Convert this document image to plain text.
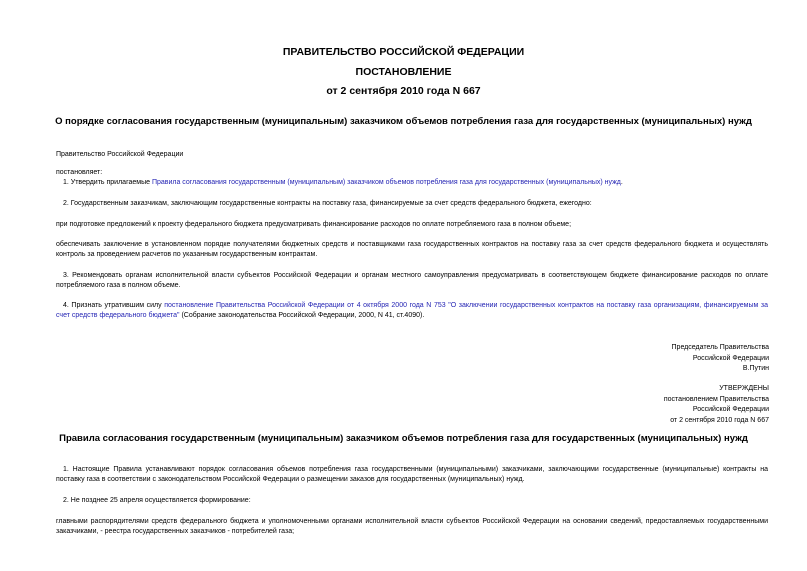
ПРАВИТЕЛЬСТВО РОССИЙСКОЙ ФЕДЕРАЦИИ
ПОСТАНОВЛЕНИЕ
от 2 сентября 2010 года N 667
О порядке согласования государственным (муниципальным) заказчиком объемов потребления газа для государственных (муниципальных) нужд
Правительство Российской Федерации
постановляет:
1. Утвердить прилагаемые Правила согласования государственным (муниципальным) заказчиком объемов потребления газа для государственных (муниципальных) нужд.
2. Государственным заказчикам, заключающим государственные контракты на поставку газа, финансируемые за счет средств федерального бюджета, ежегодно:
при подготовке предложений к проекту федерального бюджета предусматривать финансирование расходов по оплате потребляемого газа в полном объеме;
обеспечивать заключение в установленном порядке получателями бюджетных средств и поставщиками газа государственных контрактов на поставку газа за счет средств федерального бюджета и осуществлять контроль за проведением расчетов по указанным государственным контрактам.
3. Рекомендовать органам исполнительной власти субъектов Российской Федерации и органам местного самоуправления предусматривать в соответствующем бюджете финансирование расходов по оплате потребляемого газа в полном объеме.
4. Признать утратившим силу постановление Правительства Российской Федерации от 4 октября 2000 года N 753 "О заключении государственных контрактов на поставку газа организациям, финансируемым за счет средств федерального бюджета" (Собрание законодательства Российской Федерации, 2000, N 41, ст.4090).
Председатель Правительства
Российской Федерации
В.Путин
УТВЕРЖДЕНЫ
постановлением Правительства
Российской Федерации
от 2 сентября 2010 года N 667
Правила согласования государственным (муниципальным) заказчиком объемов потребления газа для государственных (муниципальных) нужд
1. Настоящие Правила устанавливают порядок согласования объемов потребления газа государственными (муниципальными) заказчиками, заключающими государственные (муниципальные) контракты на поставку газа в соответствии с законодательством Российской Федерации о размещении заказов для государственных (муниципальных) нужд.
2. Не позднее 25 апреля осуществляется формирование:
главными распорядителями средств федерального бюджета и уполномоченными органами исполнительной власти субъектов Российской Федерации на основании сведений, предоставляемых государственными заказчиками, - реестра государственных заказчиков - потребителей газа;
